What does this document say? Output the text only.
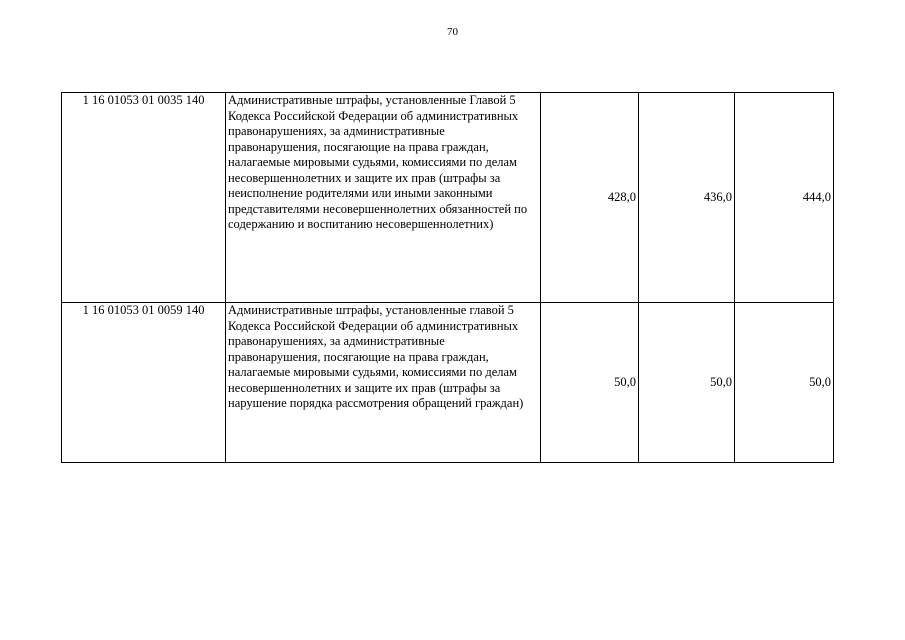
70
1 16 01053 01 0035 140	Административные штрафы, установленные Главой 5 Кодекса Российской Федерации об административных правонарушениях, за административные правонарушения, посягающие на права граждан, налагаемые мировыми судьями, комиссиями по делам несовершеннолетних и защите их прав (штрафы за неисполнение родителями или иными законными представителями несовершеннолетних обязанностей по содержанию и воспитанию несовершеннолетних)	428,0	436,0	444,0
1 16 01053 01 0059 140	Административные штрафы, установленные главой 5 Кодекса Российской Федерации об административных правонарушениях, за административные правонарушения, посягающие на права граждан, налагаемые мировыми судьями, комиссиями по делам несовершеннолетних и защите их прав (штрафы за нарушение порядка рассмотрения обращений граждан)	50,0	50,0	50,0
